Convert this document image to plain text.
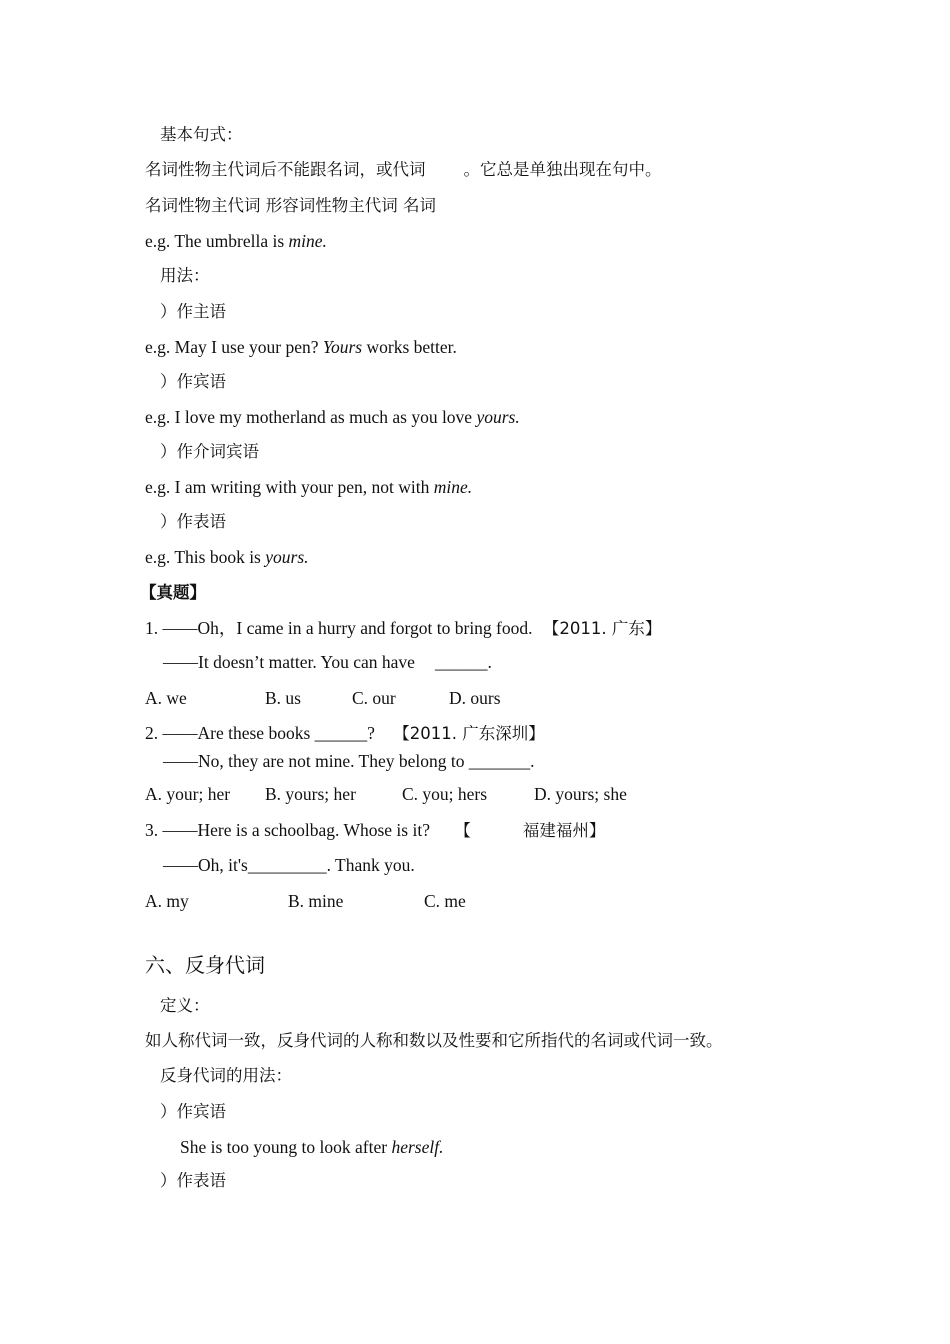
基本句式：
名词性物主代词后不能跟名词，或代词 。它总是单独出现在句中。
名词性物主代词 形容词性物主代词 名词
e.g. The umbrella is mine.
用法：
）作主语
e.g. May I use your pen? Yours works better.
）作宾语
e.g. I love my motherland as much as you love yours.
）作介词宾语
e.g. I am writing with your pen, not with mine.
）作表语
e.g. This book is yours.
【真题】
1. ——Oh，I came in a hurry and forgot to bring food. 【2011. 广东】
——It doesn’t matter. You can have ______.
A. we	B. us	C. our	D. ours
2. ——Are these books ______? 【2011. 广东深圳】
——No, they are not mine. They belong to _______.
A. your; her B. yours; her	C. you; hers	D. yours; she
3. ——Here is a schoolbag. Whose is it? 【	福建福州】
——Oh, it's_________. Thank you.
A. my	B. mine	C. me
六、反身代词
定义：
如人称代词一致，反身代词的人称和数以及性要和它所指代的名词或代词一致。
反身代词的用法：
）作宾语
She is too young to look after herself.
）作表语
